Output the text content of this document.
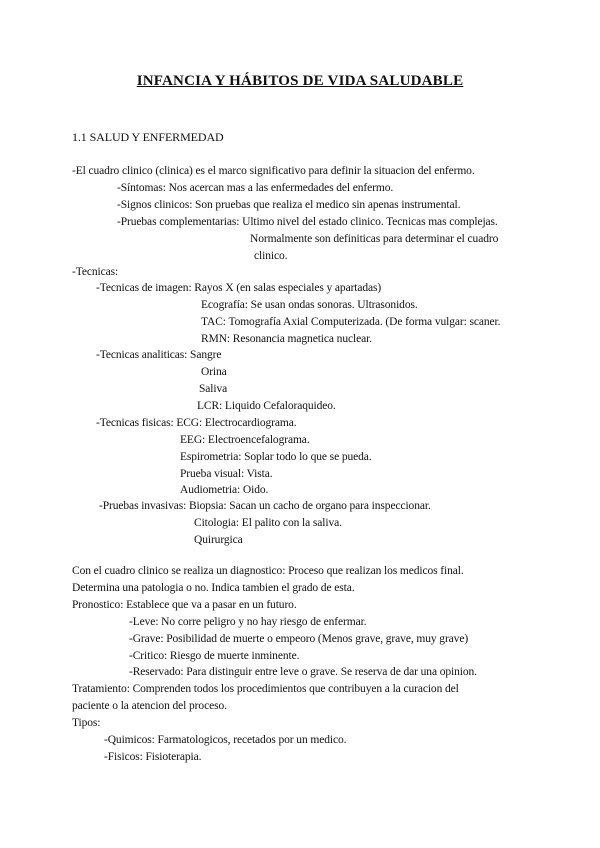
INFANCIA Y HÁBITOS DE VIDA SALUDABLE
1.1 SALUD Y ENFERMEDAD
-El cuadro clinico (clinica) es el marco significativo para definir la situacion del enfermo.
-Síntomas: Nos acercan mas a las enfermedades del enfermo.
-Signos clinicos: Son pruebas que realiza el medico sin apenas instrumental.
-Pruebas complementarias: Ultimo nivel del estado clinico. Tecnicas mas complejas.
Normalmente son definiticas para determinar el cuadro
clinico.
-Tecnicas:
-Tecnicas de imagen: Rayos X (en salas especiales y apartadas)
Ecografía: Se usan ondas sonoras. Ultrasonidos.
TAC: Tomografía Axial Computerizada. (De forma vulgar: scaner.
RMN: Resonancia magnetica nuclear.
-Tecnicas analiticas: Sangre
Orina
Saliva
LCR: Liquido Cefaloraquideo.
-Tecnicas fisicas: ECG: Electrocardiograma.
EEG: Electroencefalograma.
Espirometria: Soplar todo lo que se pueda.
Prueba visual: Vista.
Audiometria: Oido.
-Pruebas invasivas: Biopsia: Sacan un cacho de organo para inspeccionar.
Citologia: El palito con la saliva.
Quirurgica
Con el cuadro clinico se realiza un diagnostico: Proceso que realizan los medicos final.
Determina una patologia o no. Indica tambien el grado de esta.
Pronostico: Establece que va a pasar en un futuro.
-Leve: No corre peligro y no hay riesgo de enfermar.
-Grave: Posibilidad de muerte o empeoro (Menos grave, grave, muy grave)
-Critico: Riesgo de muerte inminente.
-Reservado: Para distinguir entre leve o grave. Se reserva de dar una opinion.
Tratamiento: Comprenden todos los procedimientos que contribuyen a la curacion del
paciente o la atencion del proceso.
Tipos:
-Quimicos: Farmatologicos, recetados por un medico.
-Fisicos: Fisioterapia.
